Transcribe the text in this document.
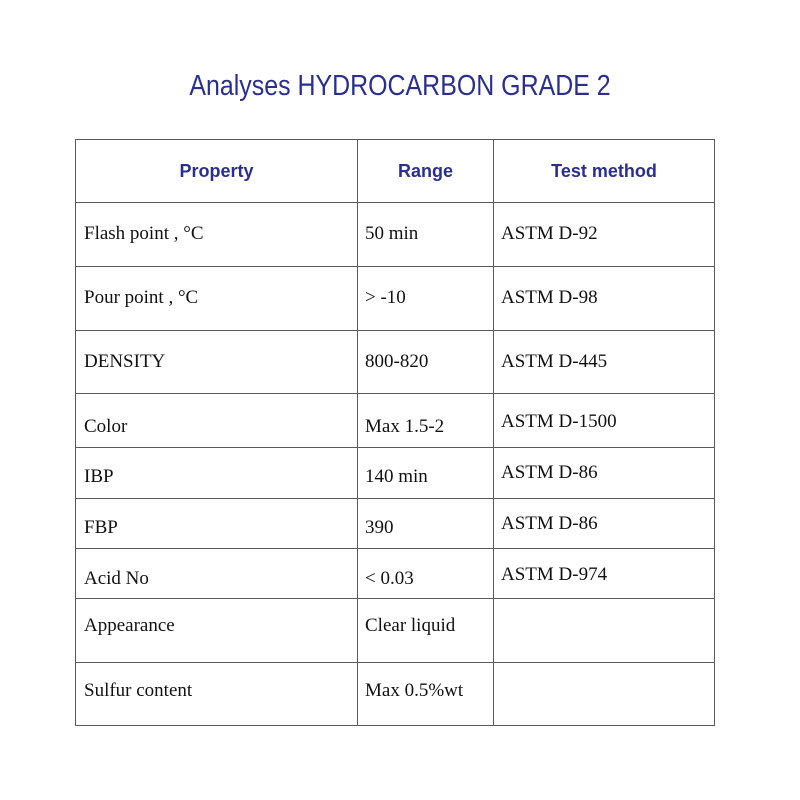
Analyses HYDROCARBON GRADE 2
Property	Range	Test method

Flash point , °C	50 min	ASTM D-92

Pour point , °C	> -10	ASTM D-98

DENSITY	800-820	ASTM D-445

Color	Max 1.5-2	ASTM D-1500

IBP	140 min	ASTM D-86

FBP	390	ASTM D-86

Acid No	< 0.03	ASTM D-974

Appearance	Clear liquid	

Sulfur content	Max 0.5%wt	
